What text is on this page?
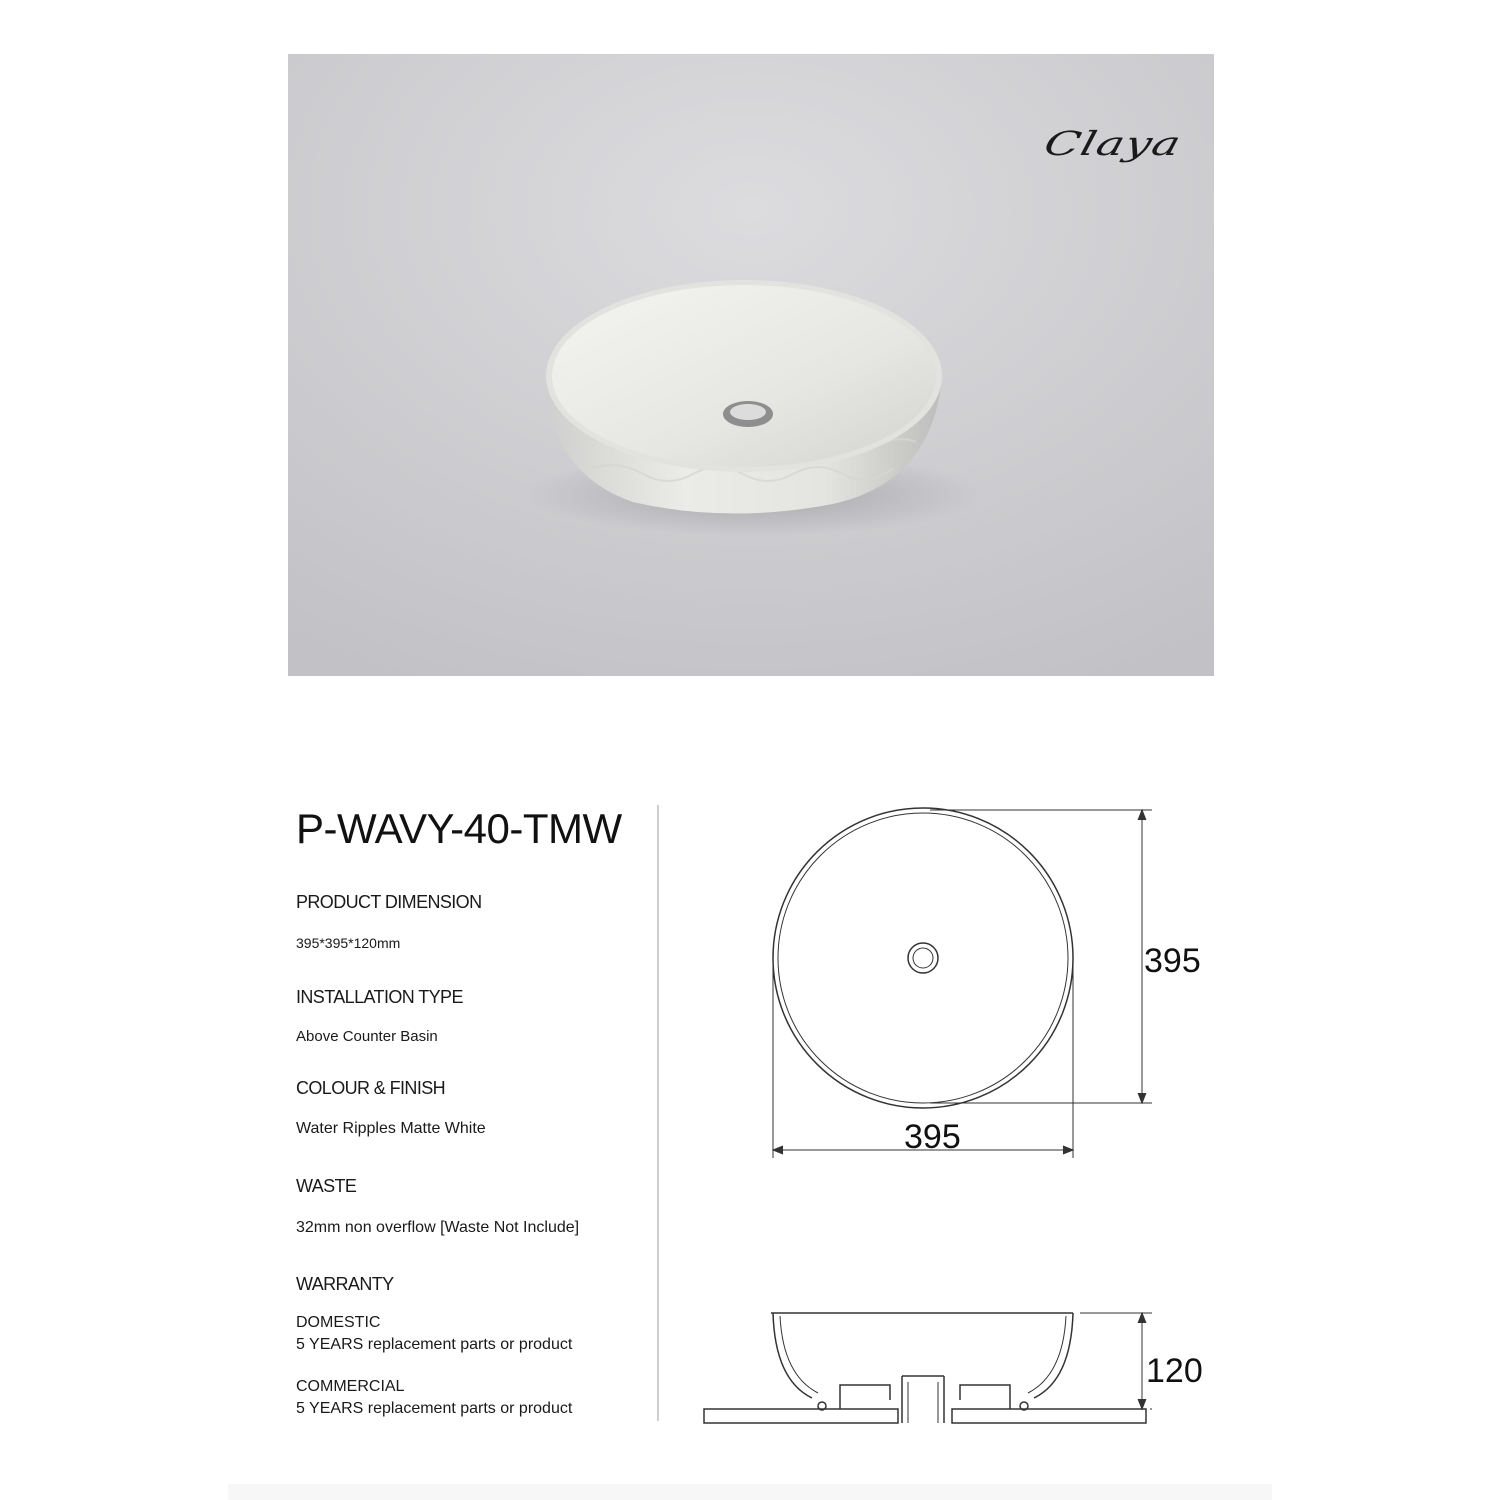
Claya
P-WAVY-40-TMW
PRODUCT DIMENSION
395*395*120mm
INSTALLATION TYPE
Above Counter Basin
COLOUR & FINISH
Water Ripples Matte White
WASTE
32mm non overflow [Waste Not Include]
WARRANTY
DOMESTIC
5 YEARS replacement parts or product
COMMERCIAL
5 YEARS replacement parts or product
395
395
120
